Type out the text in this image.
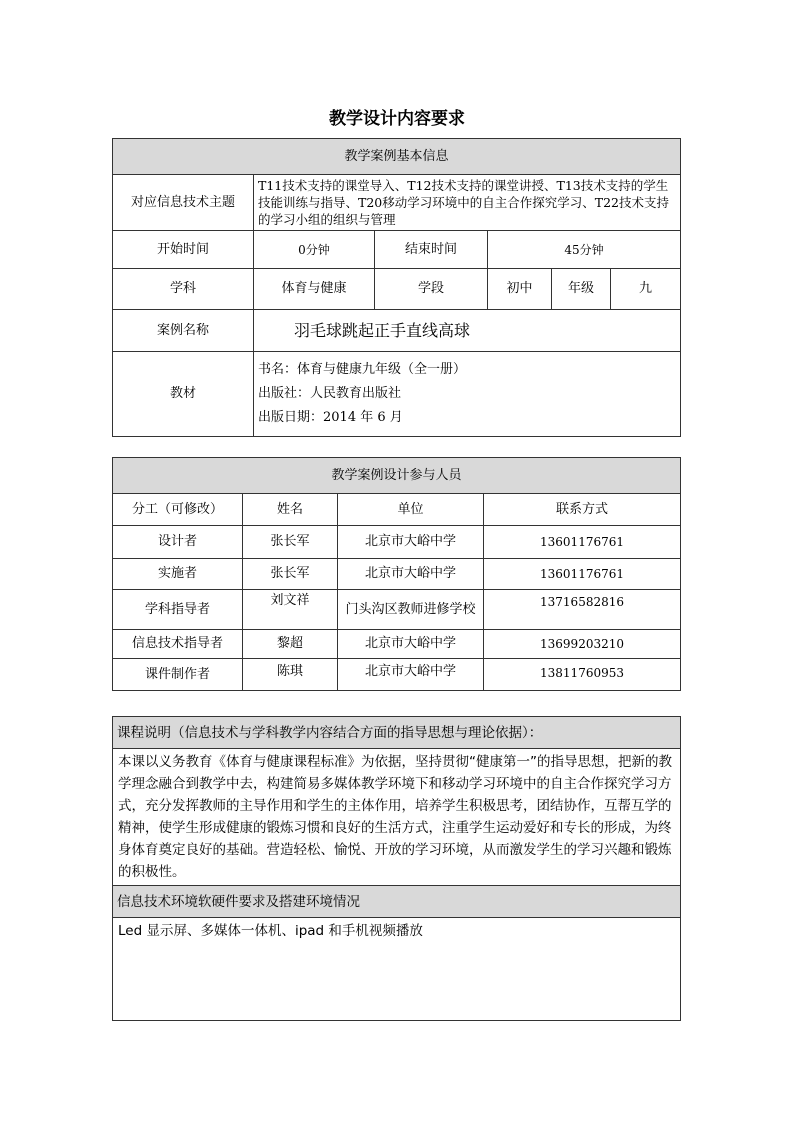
教学设计内容要求
教学案例基本信息					
对应信息技术主题	T11技术支持的课堂导入、T12技术支持的课堂讲授、T13技术支持的学生技能训练与指导、T20移动学习环境中的自主合作探究学习、T22技术支持的学习小组的组织与管理				
开始时间	0分钟	结束时间	45分钟		
学科	体育与健康	学段	初中	年级	九
案例名称	羽毛球跳起正手直线高球				
教材	书名：体育与健康九年级（全一册）
出版社：人民教育出版社
出版日期：2014 年 6 月				
教学案例设计参与人员			
分工（可修改）	姓名	单位	联系方式
设计者	张长军	北京市大峪中学	13601176761
实施者	张长军	北京市大峪中学	13601176761
学科指导者	刘文祥	门头沟区教师进修学校	13716582816
信息技术指导者	黎超	北京市大峪中学	13699203210
课件制作者	陈琪	北京市大峪中学	13811760953
课程说明（信息技术与学科教学内容结合方面的指导思想与理论依据）：
本课以义务教育《体育与健康课程标准》为依据，坚持贯彻“健康第一”的指导思想，把新的教学理念融合到教学中去，构建简易多媒体教学环境下和移动学习环境中的自主合作探究学习方式，充分发挥教师的主导作用和学生的主体作用，培养学生积极思考，团结协作，互帮互学的精神，使学生形成健康的锻炼习惯和良好的生活方式，注重学生运动爱好和专长的形成，为终身体育奠定良好的基础。营造轻松、愉悦、开放的学习环境，从而激发学生的学习兴趣和锻炼的积极性。
信息技术环境软硬件要求及搭建环境情况
Led 显示屏、多媒体一体机、ipad 和手机视频播放
